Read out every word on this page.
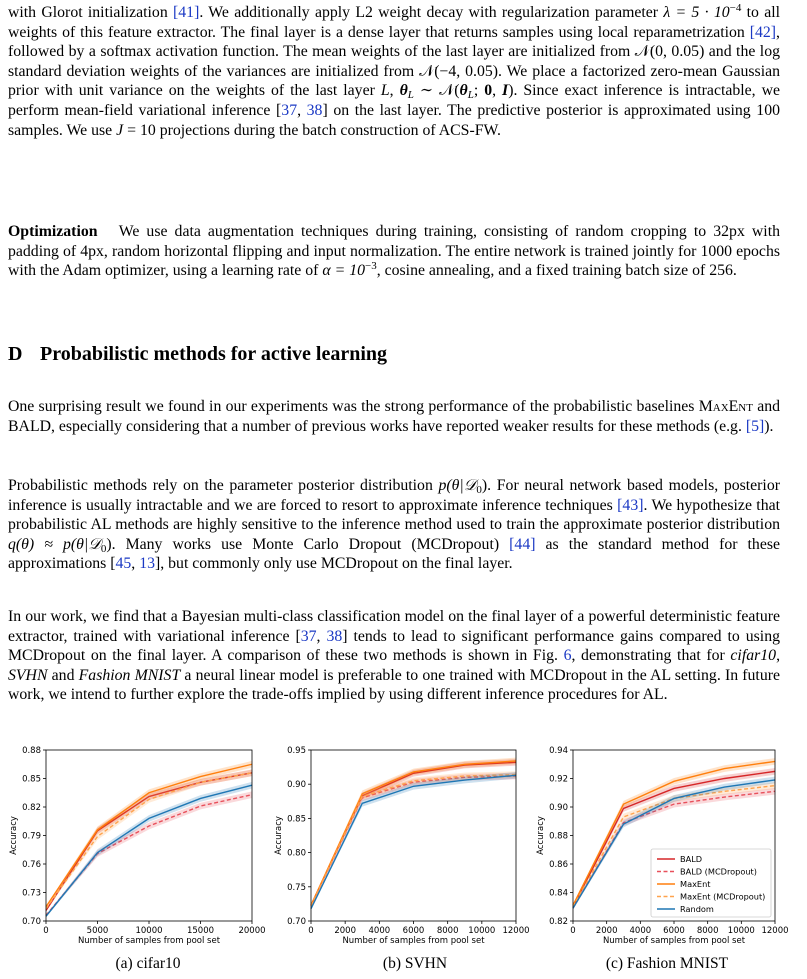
with Glorot initialization [41]. We additionally apply L2 weight decay with regularization parameter $\lambda = 5 \cdot 10^{-4}$ to all weights of this feature extractor. The final layer is a dense layer that returns samples using local reparametrization [42], followed by a softmax activation function. The mean weights of the last layer are initialized from 𝒩(0, 0.05) and the log standard deviation weights of the variances are initialized from 𝒩(−4, 0.05). We place a factorized zero-mean Gaussian prior with unit variance on the weights of the last layer L, $\theta_L$ ∼ $𝒩(\theta_L$; 0, I). Since exact inference is intractable, we perform mean-field variational inference [37, 38] on the last layer. The predictive posterior is approximated using 100 samples. We use J = 10 projections during the batch construction of ACS-FW.

Optimization We use data augmentation techniques during training, consisting of random cropping to 32px with padding of 4px, random horizontal flipping and input normalization. The entire network is trained jointly for 1000 epochs with the Adam optimizer, using a learning rate of $\alpha = 10^{-3}$, cosine annealing, and a fixed training batch size of 256.

D Probabilistic methods for active learning

One surprising result we found in our experiments was the strong performance of the probabilistic baselines MaxEnt and BALD, especially considering that a number of previous works have reported weaker results for these methods (e.g. [5]).

Probabilistic methods rely on the parameter posterior distribution p(θ|𝒟$_0$). For neural network based models, posterior inference is usually intractable and we are forced to resort to approximate inference techniques [43]. We hypothesize that probabilistic AL methods are highly sensitive to the inference method used to train the approximate posterior distribution q(θ) ≈ p(θ|𝒟$_0$). Many works use Monte Carlo Dropout (MCDropout) [44] as the standard method for these approximations [45, 13], but commonly only use MCDropout on the final layer.

In our work, we find that a Bayesian multi-class classification model on the final layer of a powerful deterministic feature extractor, trained with variational inference [37, 38] tends to lead to significant performance gains compared to using MCDropout on the final layer. A comparison of these two methods is shown in Fig. 6, demonstrating that for cifar10, SVHN and Fashion MNIST a neural linear model is preferable to one trained with MCDropout in the AL setting. In future work, we intend to further explore the trade-offs implied by using different inference procedures for AL.

0.70
0.73
0.76
0.79
0.82
0.85
0.88
0	5000	10000	15000	20000
Number of samples from pool set
Accuracy
0.70
0.75
0.80
0.85
0.90
0.95
0 2000 4000 6000 8000 10000 12000
Number of samples from pool set
Accuracy
0.82
0.84
0.86
0.88
0.90
0.92
0.94
0 2000 4000 6000 8000 10000 12000
Number of samples from pool set
Accuracy
BALD
BALD (MCDropout)
MaxEnt
MaxEnt (MCDropout)
Random
(a) cifar10	(b) SVHN	(c) Fashion MNIST
